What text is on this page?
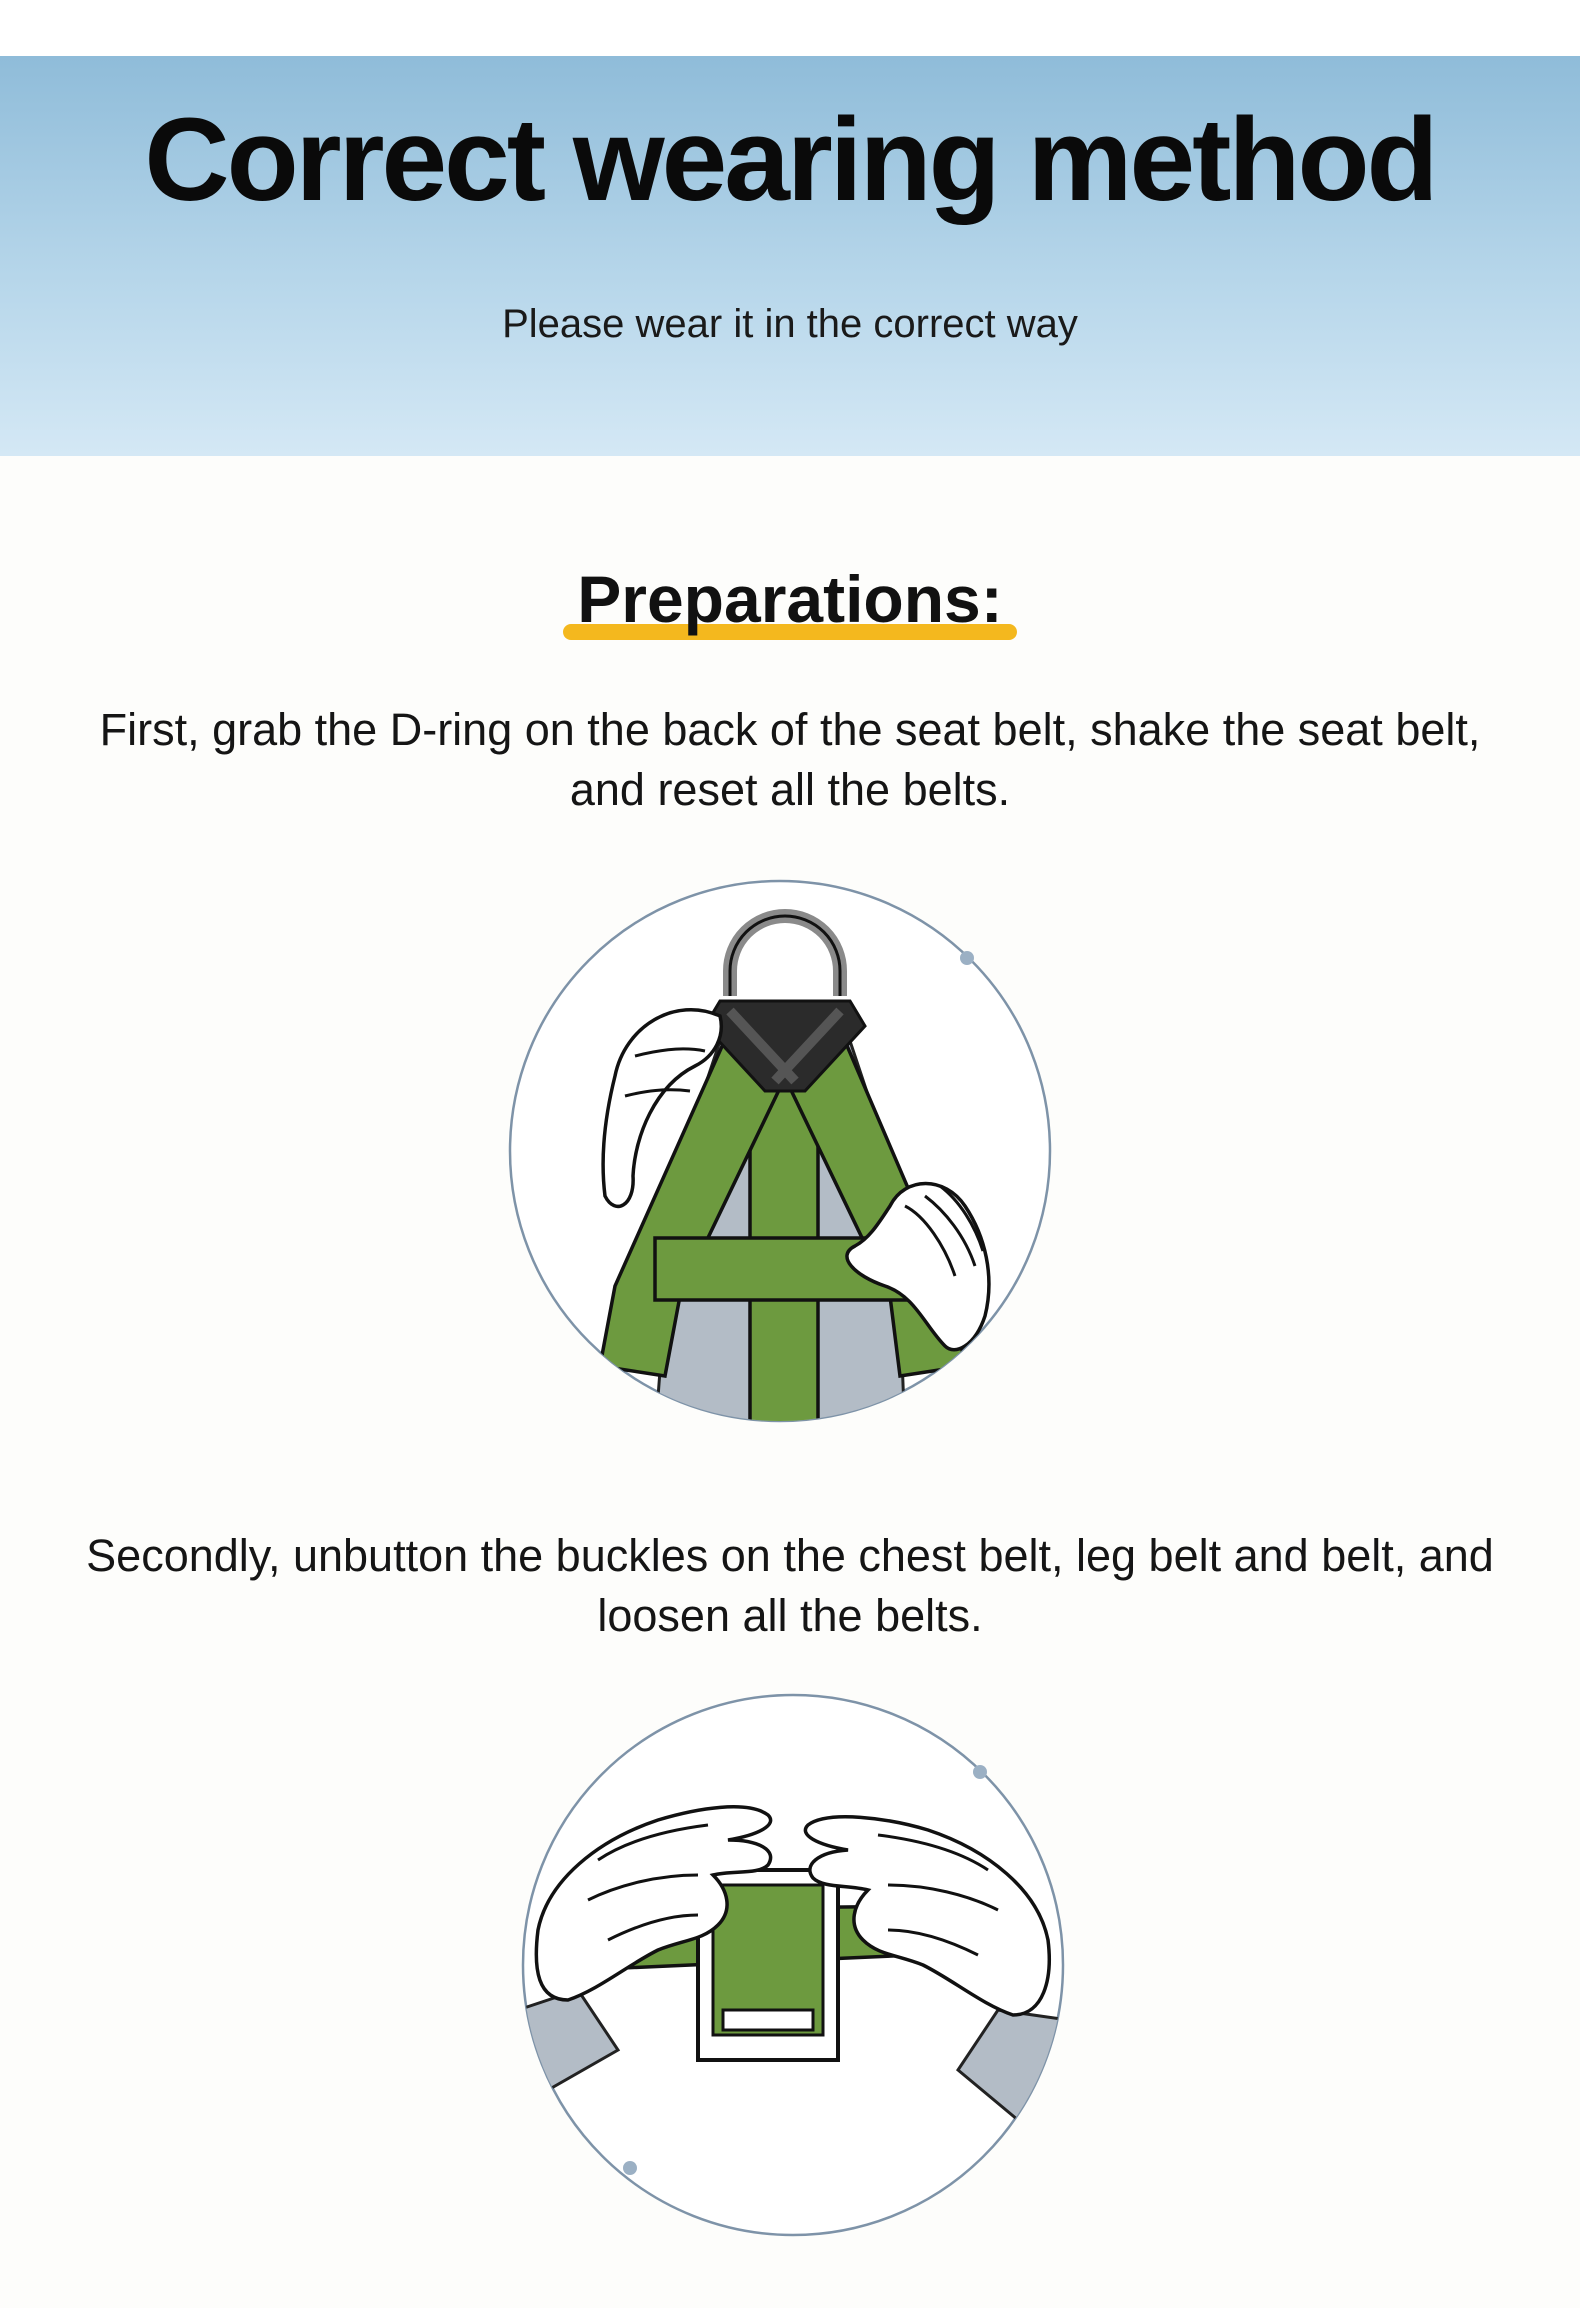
Correct wearing method
Please wear it in the correct way
Preparations:
First, grab the D-ring on the back of the seat belt, shake the seat belt, and reset all the belts.
Secondly, unbutton the buckles on the chest belt, leg belt and belt, and loosen all the belts.
